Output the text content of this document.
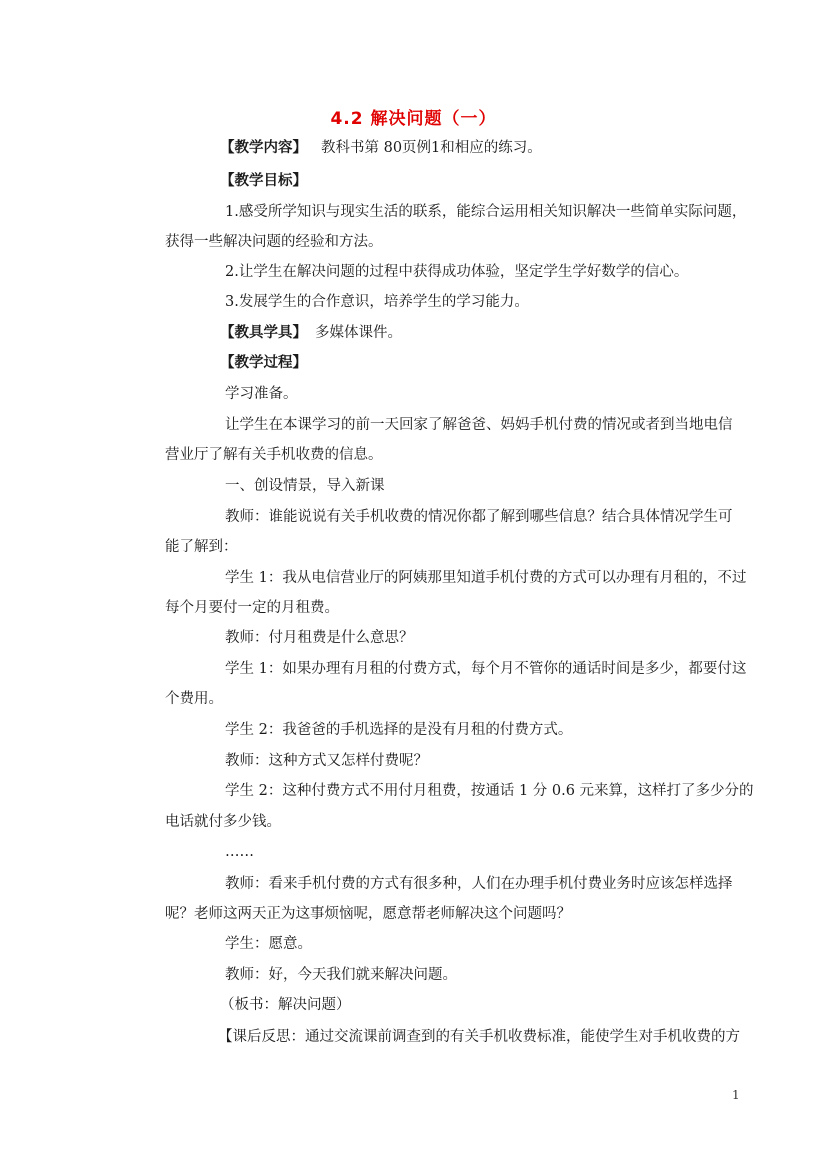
4.2 解决问题（一）
【教学内容】 教科书第 80页例1和相应的练习。
【教学目标】
1.感受所学知识与现实生活的联系，能综合运用相关知识解决一些简单实际问题，
获得一些解决问题的经验和方法。
2.让学生在解决问题的过程中获得成功体验，坚定学生学好数学的信心。
3.发展学生的合作意识，培养学生的学习能力。
【教具学具】 多媒体课件。
【教学过程】
学习准备。
让学生在本课学习的前一天回家了解爸爸、妈妈手机付费的情况或者到当地电信
营业厅了解有关手机收费的信息。
一、创设情景，导入新课
教师：谁能说说有关手机收费的情况你都了解到哪些信息？结合具体情况学生可
能了解到：
学生 1：我从电信营业厅的阿姨那里知道手机付费的方式可以办理有月租的，不过
每个月要付一定的月租费。
教师：付月租费是什么意思？
学生 1：如果办理有月租的付费方式，每个月不管你的通话时间是多少，都要付这
个费用。
学生 2：我爸爸的手机选择的是没有月租的付费方式。
教师：这种方式又怎样付费呢？
学生 2：这种付费方式不用付月租费，按通话 1 分 0.6 元来算，这样打了多少分的
电话就付多少钱。
……
教师：看来手机付费的方式有很多种，人们在办理手机付费业务时应该怎样选择
呢？老师这两天正为这事烦恼呢，愿意帮老师解决这个问题吗？
学生：愿意。
教师：好，今天我们就来解决问题。
（板书：解决问题）
【课后反思：通过交流课前调查到的有关手机收费标准，能使学生对手机收费的方
1
